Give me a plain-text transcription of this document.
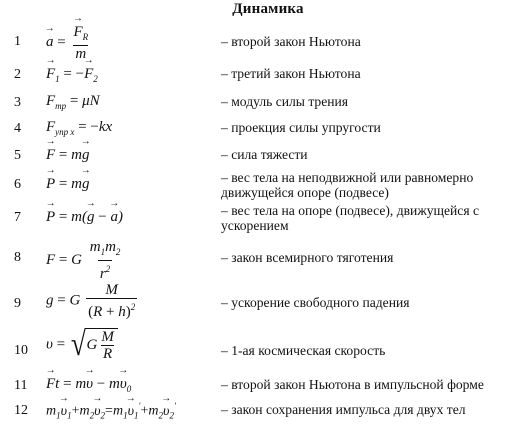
Динамика
1
→ a =
→ $\frac{F_R}{m}$	– второй закон Ньютона
2
→ $F_1$ = −→ $F_2$	– третий закон Ньютона
3 $F_{тр} = \mu N$	– модуль силы трения
4 $F_{упр x} = -kx$	– проекция силы упругости
5
→ F = m→ g	– сила тяжести
6
→ P = m→ g	– вес тела на неподвижной или равномерно движущейся опоре (подвесе)
7
→ P = m(→ g − → a)	– вес тела на опоре (подвесе), движущейся с ускорением
8 F = G $\frac{m_1m_2}{r^2}$	– закон всемирного тяготения
9 g = G $\frac{M}{(R + h)^2}$	– ускорение свободного падения
10 υ = √ G $\frac{M}{R}$	– 1-ая космическая скорость
11
→ $Ft = m\to \upsilon - m\to \upsilon_0$	– второй закон Ньютона в импульсной форме
12 $m_1\to \upsilon_1+m_2\to \upsilon_2=m_1\to \upsilon_1'+m_2\to \upsilon_2'$	– закон сохранения импульса для двух тел
